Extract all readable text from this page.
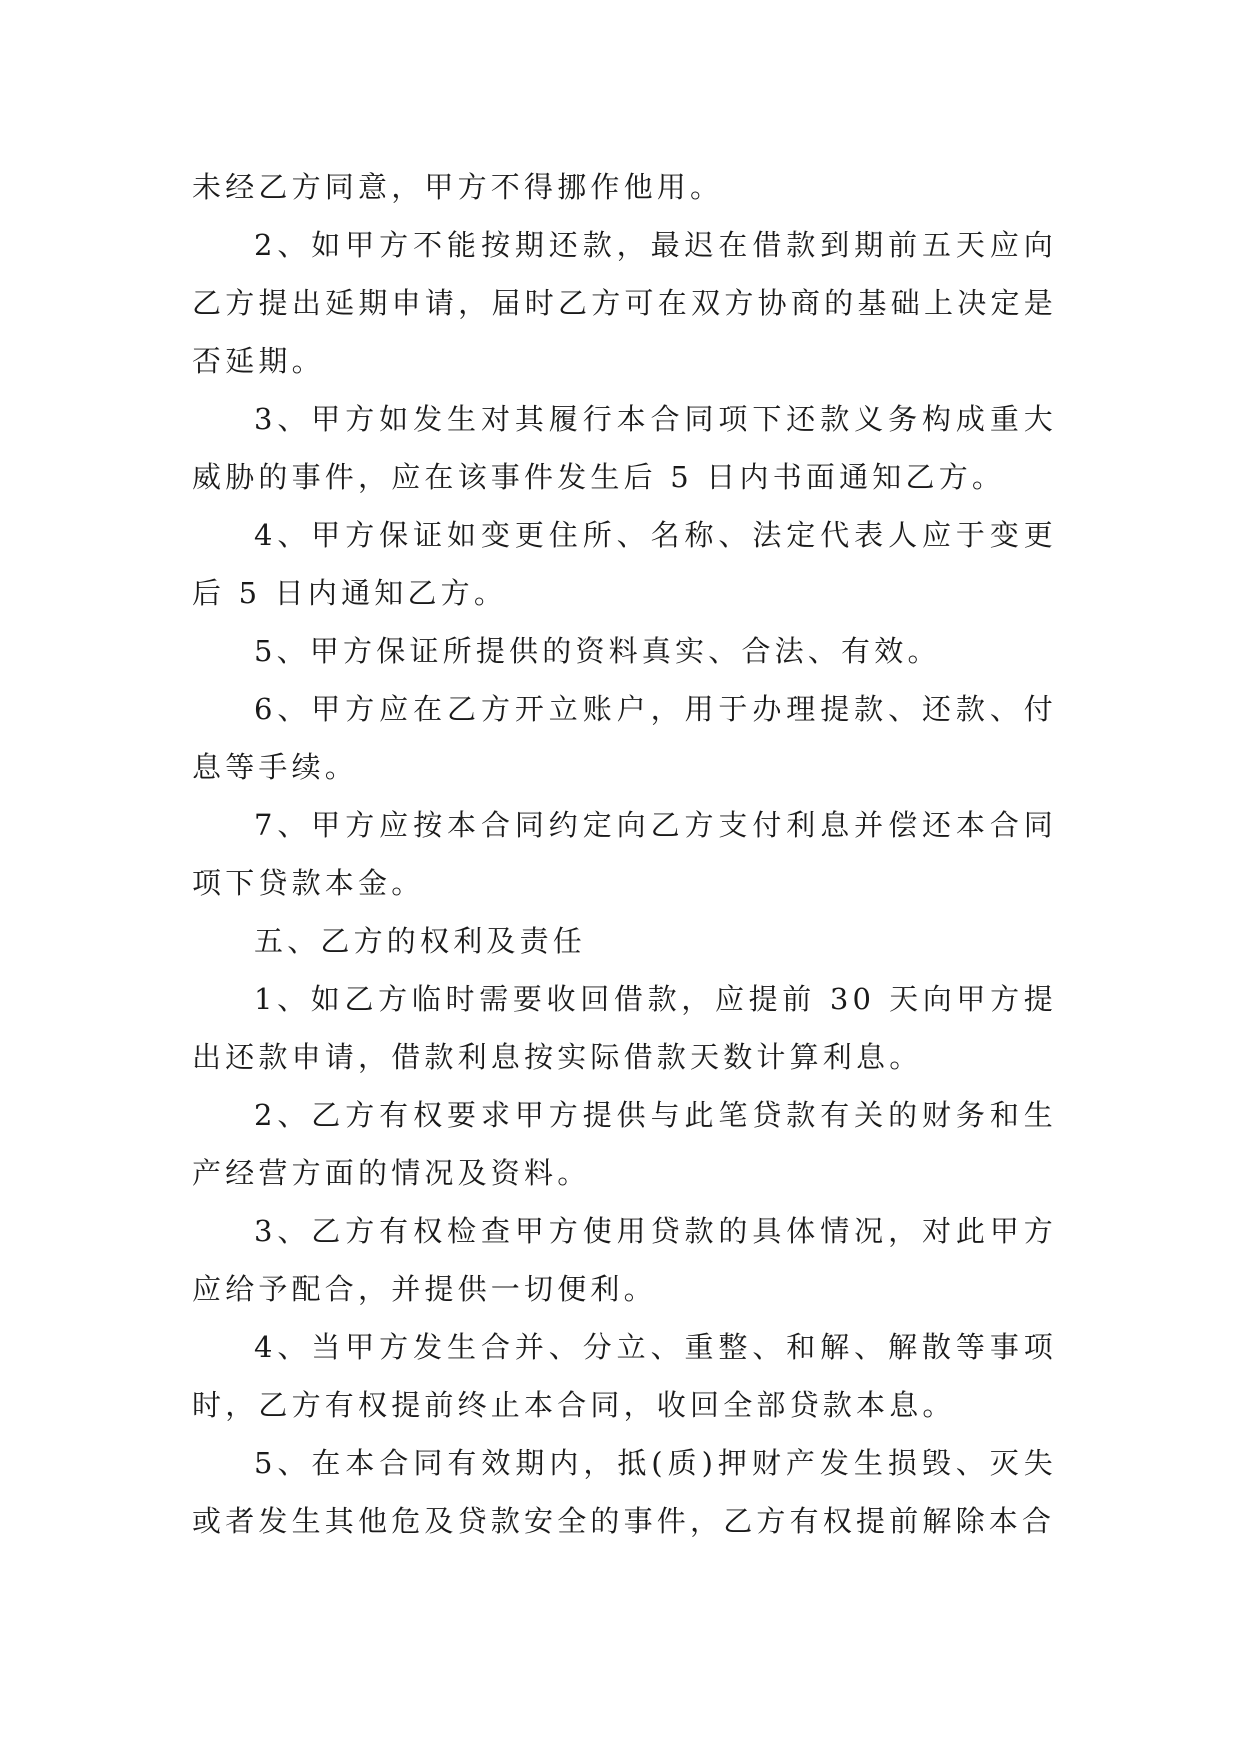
未经乙方同意，甲方不得挪作他用。

2、如甲方不能按期还款，最迟在借款到期前五天应向乙方提出延期申请，届时乙方可在双方协商的基础上决定是否延期。

3、甲方如发生对其履行本合同项下还款义务构成重大威胁的事件，应在该事件发生后 5 日内书面通知乙方。

4、甲方保证如变更住所、名称、法定代表人应于变更后 5 日内通知乙方。

5、甲方保证所提供的资料真实、合法、有效。

6、甲方应在乙方开立账户，用于办理提款、还款、付息等手续。

7、甲方应按本合同约定向乙方支付利息并偿还本合同项下贷款本金。

五、乙方的权利及责任

1、如乙方临时需要收回借款，应提前 30 天向甲方提出还款申请，借款利息按实际借款天数计算利息。

2、乙方有权要求甲方提供与此笔贷款有关的财务和生产经营方面的情况及资料。

3、乙方有权检查甲方使用贷款的具体情况，对此甲方应给予配合，并提供一切便利。

4、当甲方发生合并、分立、重整、和解、解散等事项时，乙方有权提前终止本合同，收回全部贷款本息。

5、在本合同有效期内，抵(质)押财产发生损毁、灭失或者发生其他危及贷款安全的事件，乙方有权提前解除本合
